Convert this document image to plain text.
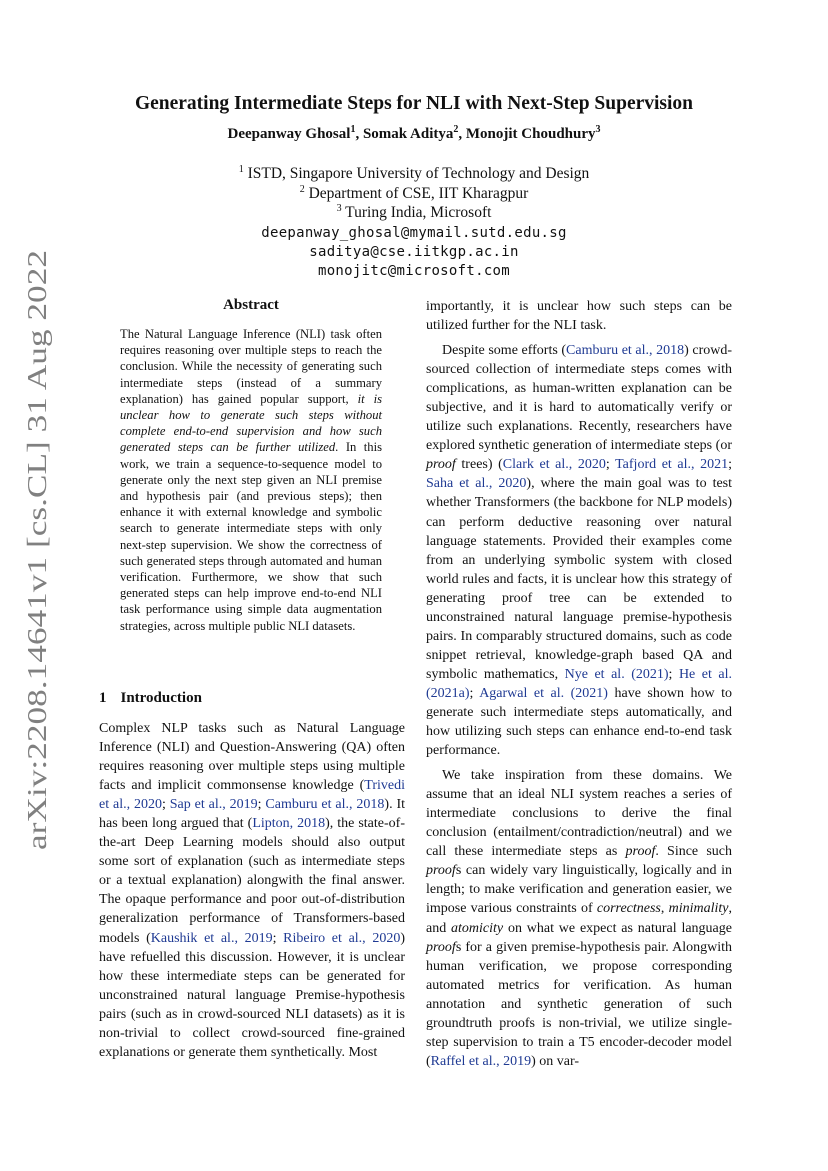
Generating Intermediate Steps for NLI with Next-Step Supervision
Deepanway Ghosal$^1$, Somak Aditya$^2$, Monojit Choudhury$^3$
$^1$ ISTD, Singapore University of Technology and Design
$^2$ Department of CSE, IIT Kharagpur
$^3$ Turing India, Microsoft
deepanway_ghosal@mymail.sutd.edu.sg
saditya@cse.iitkgp.ac.in
monojitc@microsoft.com
arXiv:2208.14641v1 [cs.CL] 31 Aug 2022
Abstract
The Natural Language Inference (NLI) task often requires reasoning over multiple steps to reach the conclusion. While the necessity of generating such intermediate steps (instead of a summary explanation) has gained popular support, it is unclear how to generate such steps without complete end-to-end supervision and how such generated steps can be further utilized. In this work, we train a sequence-to-sequence model to generate only the next step given an NLI premise and hypothesis pair (and previous steps); then enhance it with external knowledge and symbolic search to generate intermediate steps with only next-step supervision. We show the correctness of such generated steps through automated and human verification. Furthermore, we show that such generated steps can help improve end-to-end NLI task performance using simple data augmentation strategies, across multiple public NLI datasets.
1 Introduction

Complex NLP tasks such as Natural Language Inference (NLI) and Question-Answering (QA) often requires reasoning over multiple steps using multiple facts and implicit commonsense knowledge (Trivedi et al., 2020; Sap et al., 2019; Camburu et al., 2018). It has been long argued that (Lipton, 2018), the state-of-the-art Deep Learning models should also output some sort of explanation (such as intermediate steps or a textual explanation) alongwith the final answer. The opaque performance and poor out-of-distribution generalization performance of Transformers-based models (Kaushik et al., 2019; Ribeiro et al., 2020) have refuelled this discussion. However, it is unclear how these intermediate steps can be generated for unconstrained natural language Premise-hypothesis pairs (such as in crowd-sourced NLI datasets) as it is non-trivial to collect crowd-sourced fine-grained explanations or generate them synthetically. Most

importantly, it is unclear how such steps can be utilized further for the NLI task.

Despite some efforts (Camburu et al., 2018) crowd-sourced collection of intermediate steps comes with complications, as human-written explanation can be subjective, and it is hard to automatically verify or utilize such explanations. Recently, researchers have explored synthetic generation of intermediate steps (or proof trees) (Clark et al., 2020; Tafjord et al., 2021; Saha et al., 2020), where the main goal was to test whether Transformers (the backbone for NLP models) can perform deductive reasoning over natural language statements. Provided their examples come from an underlying symbolic system with closed world rules and facts, it is unclear how this strategy of generating proof tree can be extended to unconstrained natural language premise-hypothesis pairs. In comparably structured domains, such as code snippet retrieval, knowledge-graph based QA and symbolic mathematics, Nye et al. (2021); He et al. (2021a); Agarwal et al. (2021) have shown how to generate such intermediate steps automatically, and how utilizing such steps can enhance end-to-end task performance.

We take inspiration from these domains. We assume that an ideal NLI system reaches a series of intermediate conclusions to derive the final conclusion (entailment/contradiction/neutral) and we call these intermediate steps as proof. Since such proofs can widely vary linguistically, logically and in length; to make verification and generation easier, we impose various constraints of correctness, minimality, and atomicity on what we expect as natural language proofs for a given premise-hypothesis pair. Alongwith human verification, we propose corresponding automated metrics for verification. As human annotation and synthetic generation of such groundtruth proofs is non-trivial, we utilize single-step supervision to train a T5 encoder-decoder model (Raffel et al., 2019) on var-
